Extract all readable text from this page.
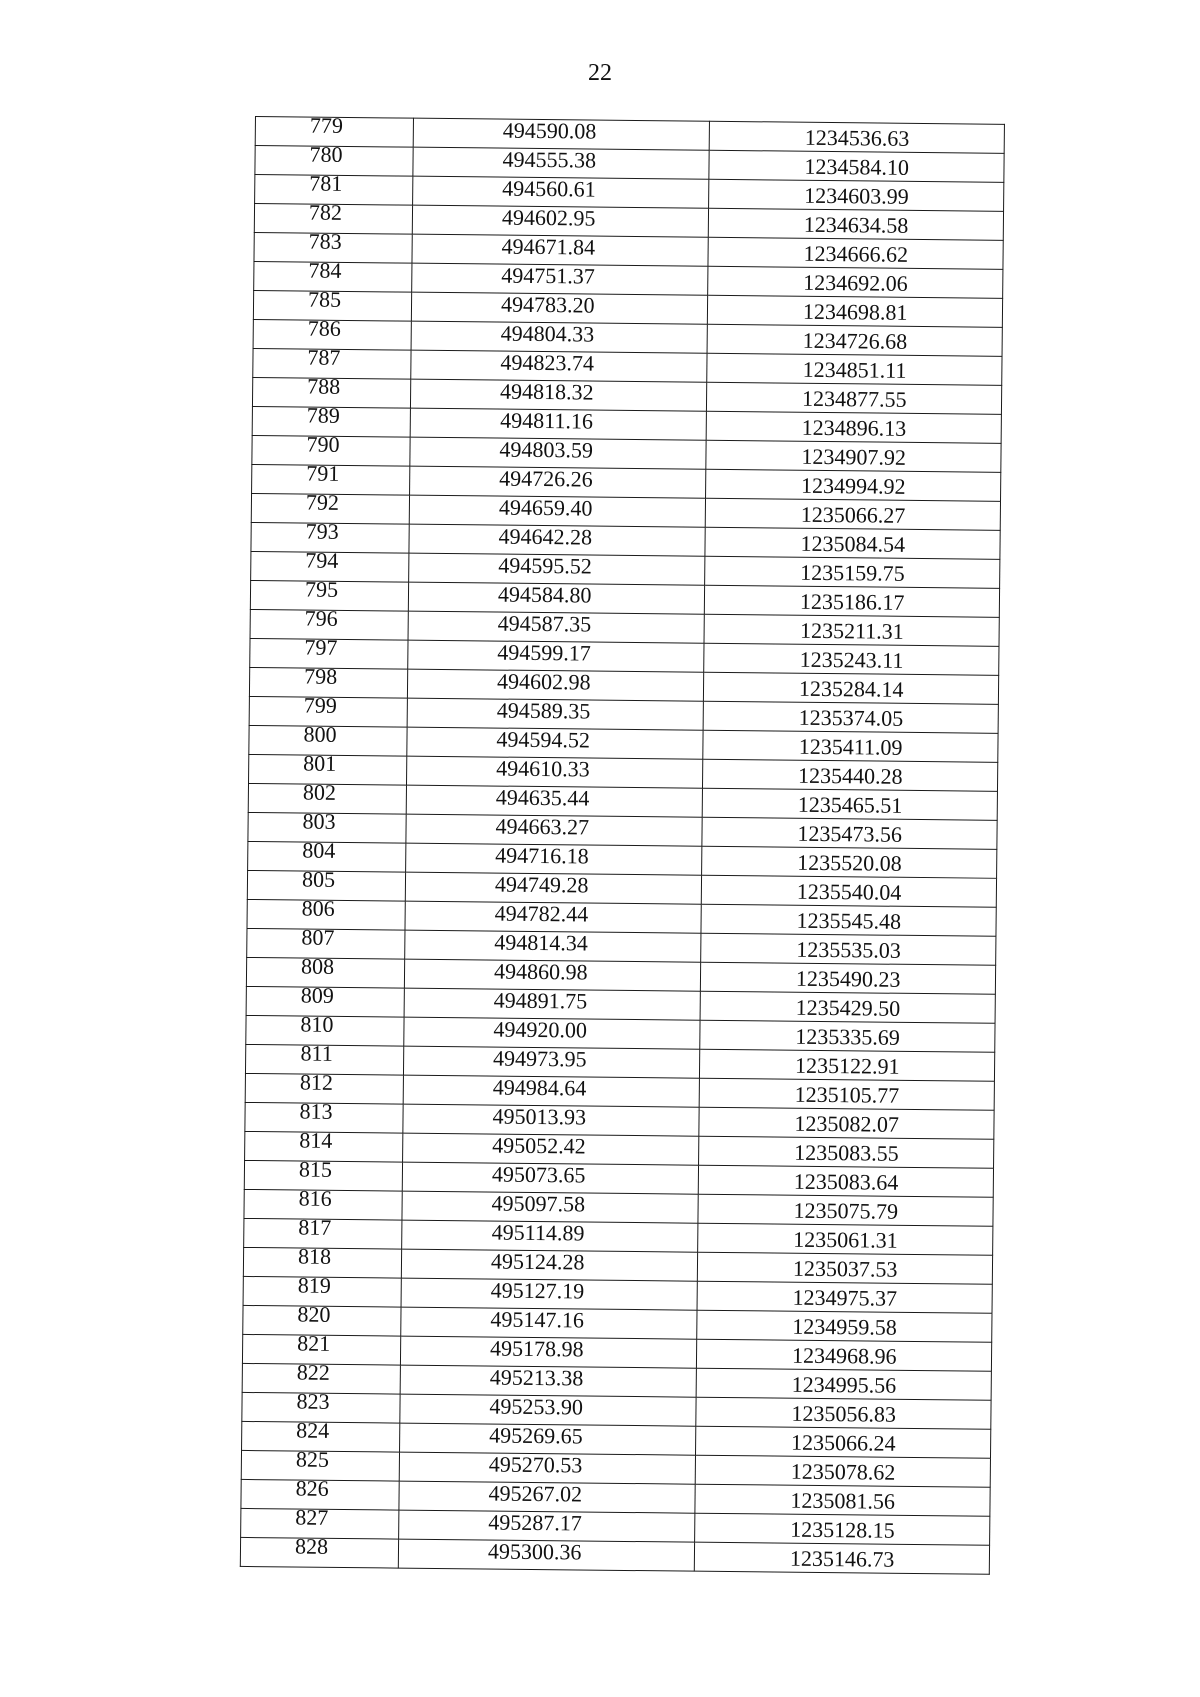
22
779	494590.08	1234536.63
780	494555.38	1234584.10
781	494560.61	1234603.99
782	494602.95	1234634.58
783	494671.84	1234666.62
784	494751.37	1234692.06
785	494783.20	1234698.81
786	494804.33	1234726.68
787	494823.74	1234851.11
788	494818.32	1234877.55
789	494811.16	1234896.13
790	494803.59	1234907.92
791	494726.26	1234994.92
792	494659.40	1235066.27
793	494642.28	1235084.54
794	494595.52	1235159.75
795	494584.80	1235186.17
796	494587.35	1235211.31
797	494599.17	1235243.11
798	494602.98	1235284.14
799	494589.35	1235374.05
800	494594.52	1235411.09
801	494610.33	1235440.28
802	494635.44	1235465.51
803	494663.27	1235473.56
804	494716.18	1235520.08
805	494749.28	1235540.04
806	494782.44	1235545.48
807	494814.34	1235535.03
808	494860.98	1235490.23
809	494891.75	1235429.50
810	494920.00	1235335.69
811	494973.95	1235122.91
812	494984.64	1235105.77
813	495013.93	1235082.07
814	495052.42	1235083.55
815	495073.65	1235083.64
816	495097.58	1235075.79
817	495114.89	1235061.31
818	495124.28	1235037.53
819	495127.19	1234975.37
820	495147.16	1234959.58
821	495178.98	1234968.96
822	495213.38	1234995.56
823	495253.90	1235056.83
824	495269.65	1235066.24
825	495270.53	1235078.62
826	495267.02	1235081.56
827	495287.17	1235128.15
828	495300.36	1235146.73
